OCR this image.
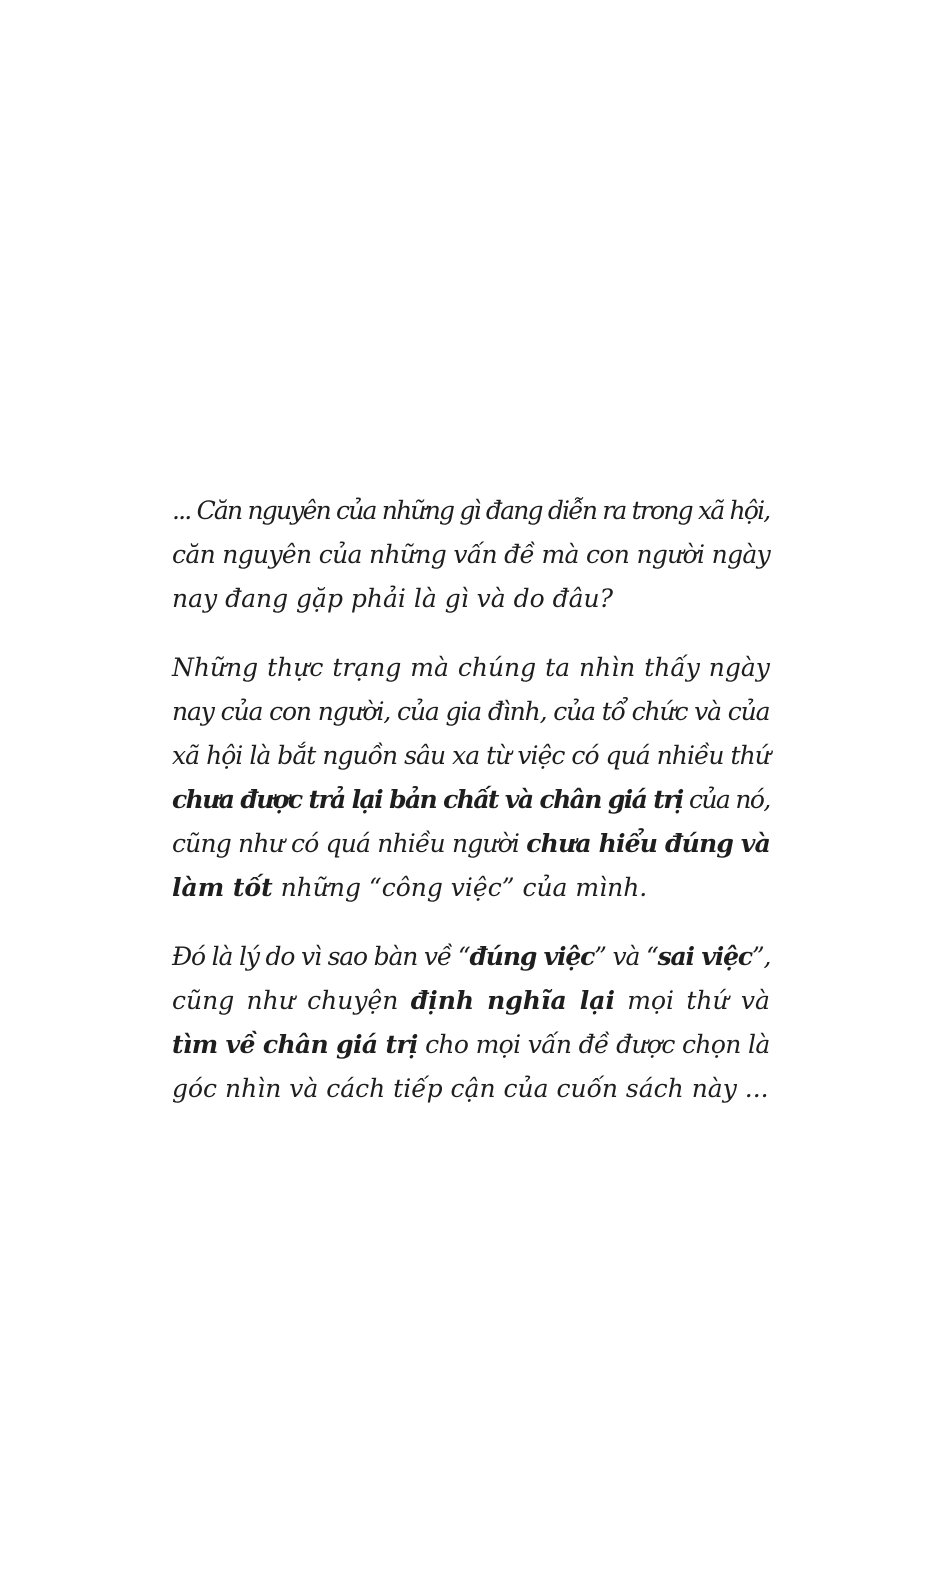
... Căn nguyên của những gì đang diễn ra trong xã hội,
căn nguyên của những vấn đề mà con người ngày
nay đang gặp phải là gì và do đâu?
Những thực trạng mà chúng ta nhìn thấy ngày
nay của con người, của gia đình, của tổ chức và của
xã hội là bắt nguồn sâu xa từ việc có quá nhiều thứ
chưa được trả lại bản chất và chân giá trị của nó,
cũng như có quá nhiều người chưa hiểu đúng và
làm tốt những “công việc” của mình.
Đó là lý do vì sao bàn về “đúng việc” và “sai việc”,
cũng như chuyện định nghĩa lại mọi thứ và
tìm về chân giá trị cho mọi vấn đề được chọn là
góc nhìn và cách tiếp cận của cuốn sách này ...
